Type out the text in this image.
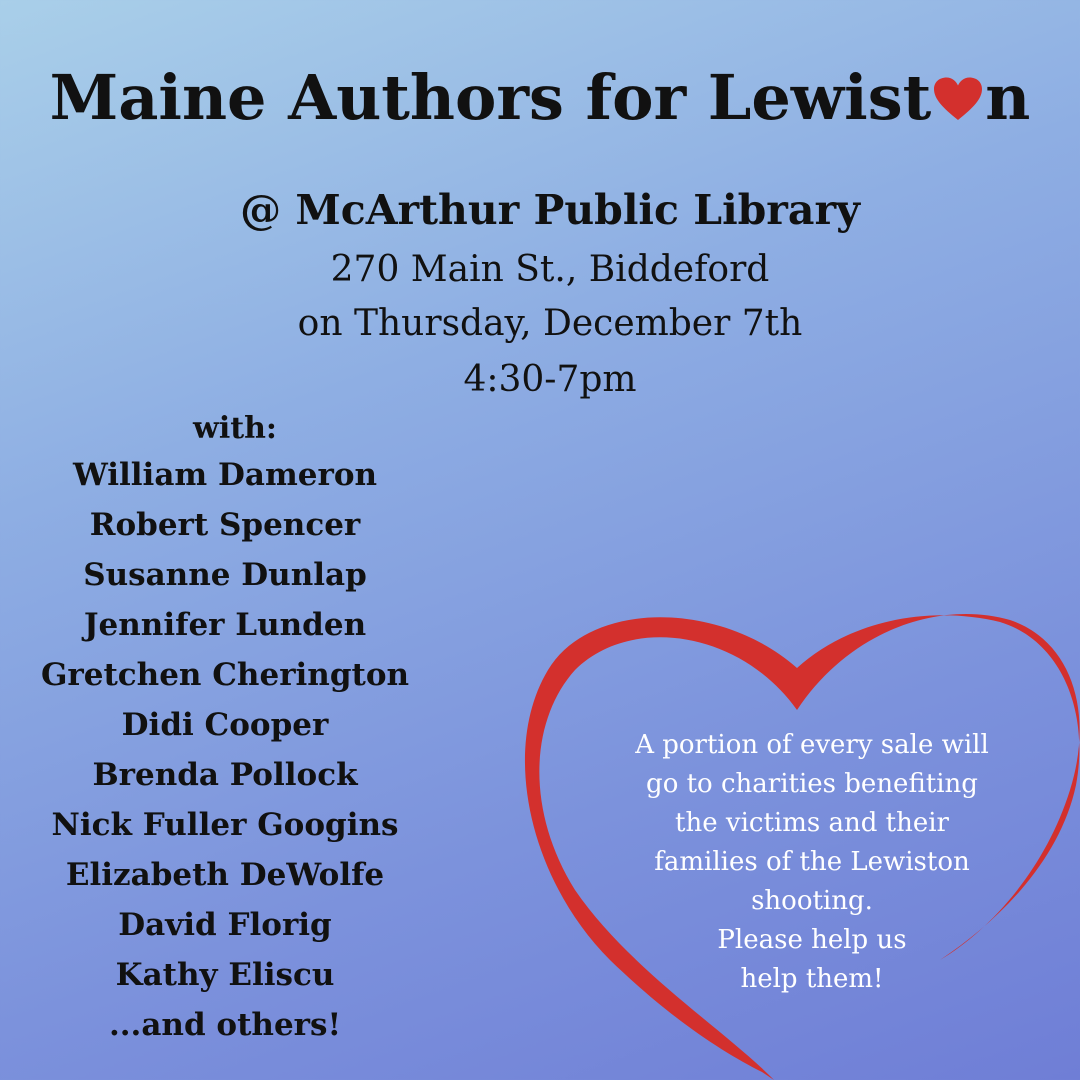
Maine Authors for Lewist n
@ McArthur Public Library
270 Main St., Biddeford
on Thursday, December 7th
4:30-7pm
with:
William Dameron
Robert Spencer
Susanne Dunlap
Jennifer Lunden
Gretchen Cherington
Didi Cooper
Brenda Pollock
Nick Fuller Googins
Elizabeth DeWolfe
David Florig
Kathy Eliscu
...and others!
A portion of every sale will
go to charities benefiting
the victims and their
families of the Lewiston
shooting.
Please help us
help them!
